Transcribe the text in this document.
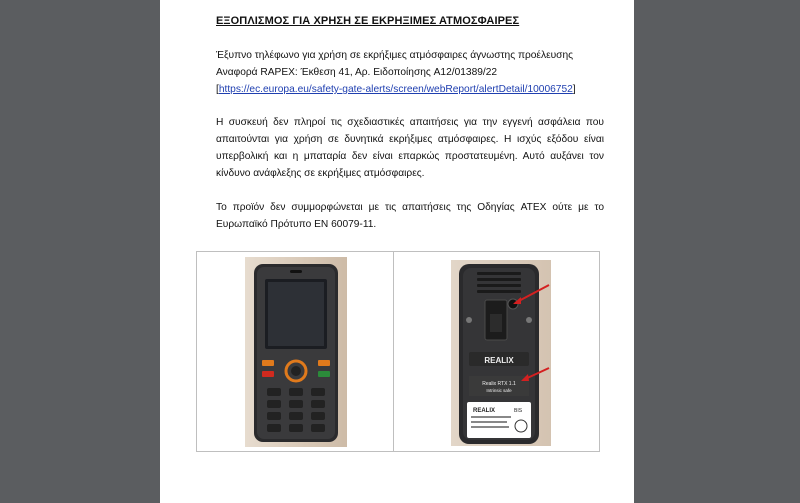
ΕΞΟΠΛΙΣΜΟΣ ΓΙΑ ΧΡΗΣΗ ΣΕ ΕΚΡΗΞΙΜΕΣ ΑΤΜΟΣΦΑΙΡΕΣ
Έξυπνο τηλέφωνο για χρήση σε εκρήξιμες ατμόσφαιρες άγνωστης προέλευσης
Αναφορά RAPEX: Έκθεση 41, Αρ. Ειδοποίησης A12/01389/22
[https://ec.europa.eu/safety-gate-alerts/screen/webReport/alertDetail/10006752]
Η συσκευή δεν πληροί τις σχεδιαστικές απαιτήσεις για την εγγενή ασφάλεια που
απαιτούνται για χρήση σε δυνητικά εκρήξιμες ατμόσφαιρες. Η ισχύς εξόδου είναι
υπερβολική και η μπαταρία δεν είναι επαρκώς προστατευμένη. Αυτό αυξάνει τον
κίνδυνο ανάφλεξης σε εκρήξιμες ατμόσφαιρες.
Το προϊόν δεν συμμορφώνεται με τις απαιτήσεις της Οδηγίας ATEX ούτε με το
Ευρωπαϊκό Πρότυπο EN 60079-11.
REALIX
Realix RTX 1.1
Intrinsic safe
REALIX	BIS
